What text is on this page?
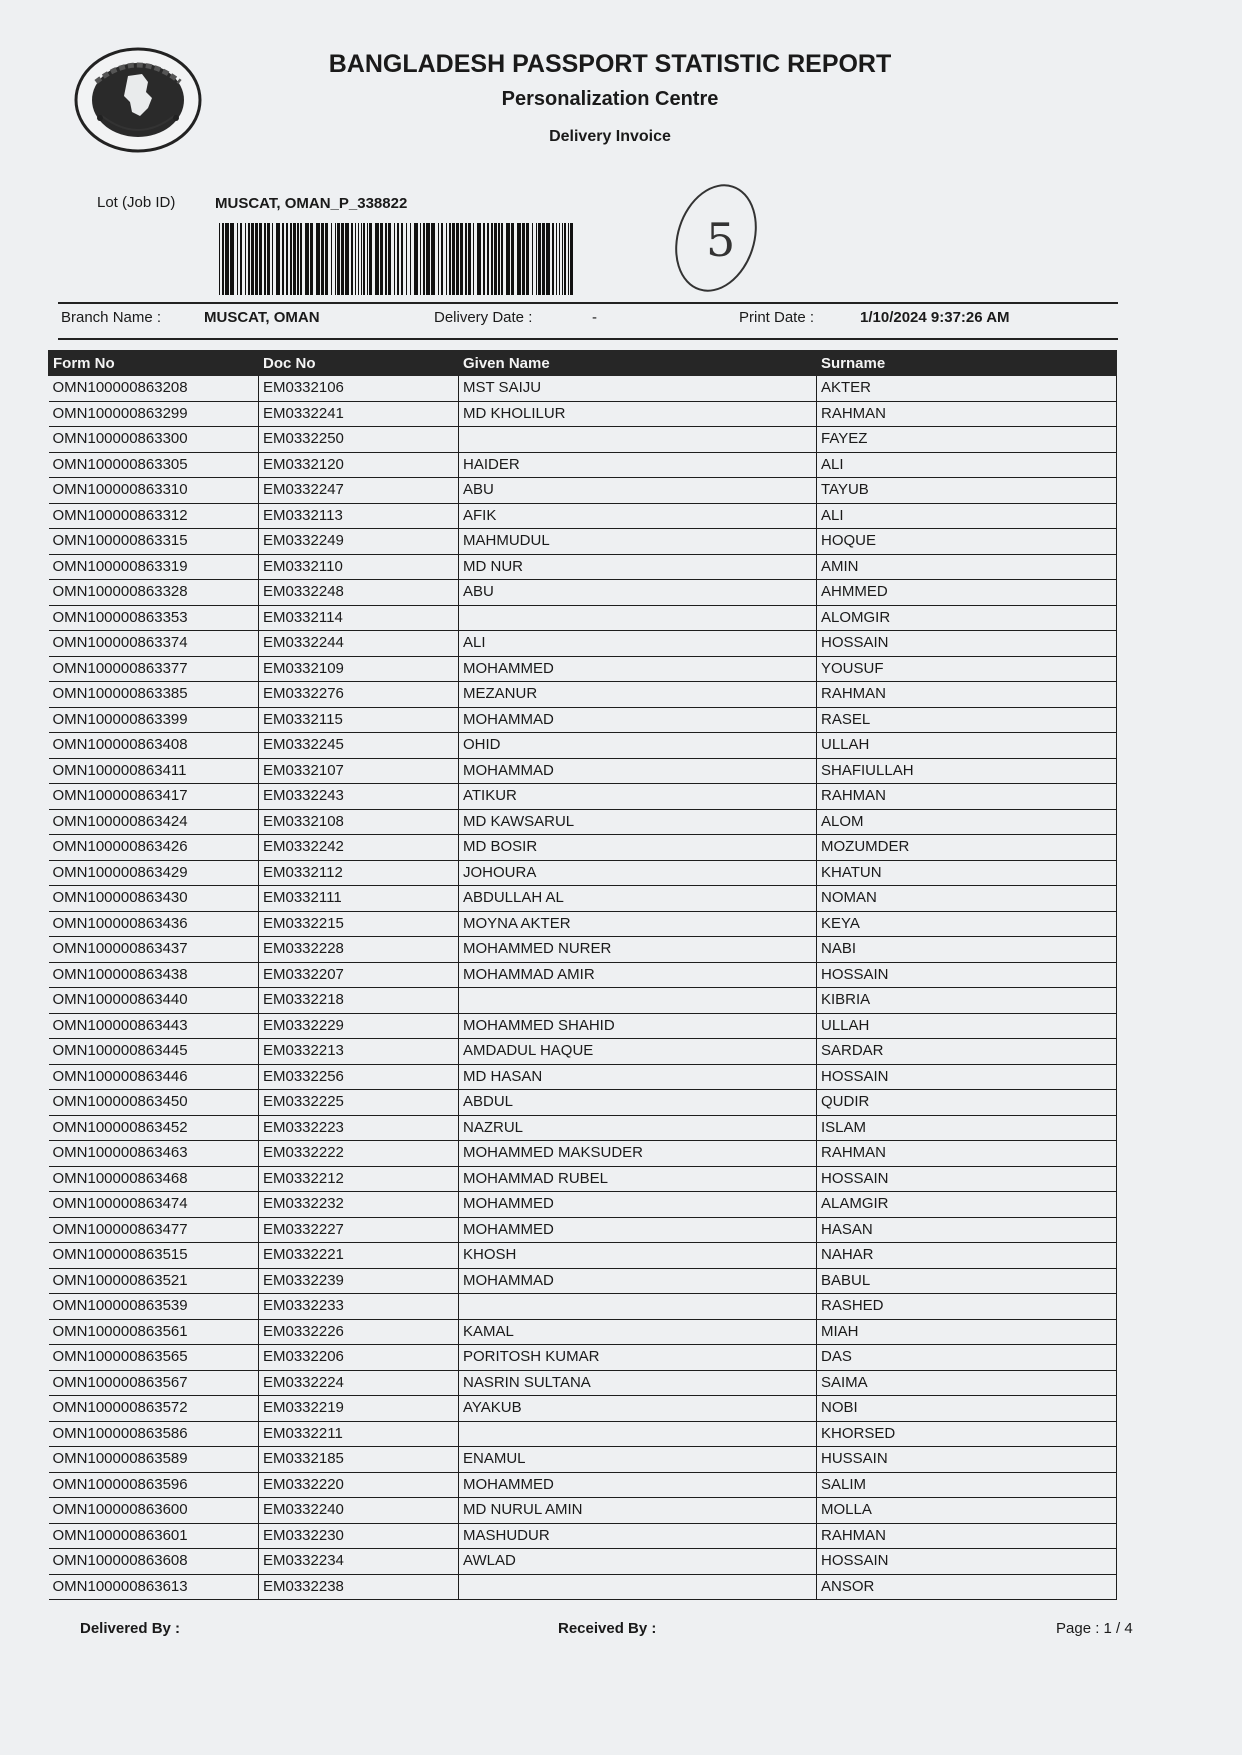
BANGLADESH PASSPORT STATISTIC REPORT
Personalization Centre
Delivery Invoice
Lot (Job ID)	MUSCAT, OMAN_P_338822
5
Branch Name :	MUSCAT, OMAN	Delivery Date :	-	Print Date :	1/10/2024 9:37:26 AM
Form No	Doc No	Given Name	Surname
OMN100000863208	EM0332106	MST SAIJU	AKTER
OMN100000863299	EM0332241	MD KHOLILUR	RAHMAN
OMN100000863300	EM0332250		FAYEZ
OMN100000863305	EM0332120	HAIDER	ALI
OMN100000863310	EM0332247	ABU	TAYUB
OMN100000863312	EM0332113	AFIK	ALI
OMN100000863315	EM0332249	MAHMUDUL	HOQUE
OMN100000863319	EM0332110	MD NUR	AMIN
OMN100000863328	EM0332248	ABU	AHMMED
OMN100000863353	EM0332114		ALOMGIR
OMN100000863374	EM0332244	ALI	HOSSAIN
OMN100000863377	EM0332109	MOHAMMED	YOUSUF
OMN100000863385	EM0332276	MEZANUR	RAHMAN
OMN100000863399	EM0332115	MOHAMMAD	RASEL
OMN100000863408	EM0332245	OHID	ULLAH
OMN100000863411	EM0332107	MOHAMMAD	SHAFIULLAH
OMN100000863417	EM0332243	ATIKUR	RAHMAN
OMN100000863424	EM0332108	MD KAWSARUL	ALOM
OMN100000863426	EM0332242	MD BOSIR	MOZUMDER
OMN100000863429	EM0332112	JOHOURA	KHATUN
OMN100000863430	EM0332111	ABDULLAH AL	NOMAN
OMN100000863436	EM0332215	MOYNA AKTER	KEYA
OMN100000863437	EM0332228	MOHAMMED NURER	NABI
OMN100000863438	EM0332207	MOHAMMAD AMIR	HOSSAIN
OMN100000863440	EM0332218		KIBRIA
OMN100000863443	EM0332229	MOHAMMED SHAHID	ULLAH
OMN100000863445	EM0332213	AMDADUL HAQUE	SARDAR
OMN100000863446	EM0332256	MD HASAN	HOSSAIN
OMN100000863450	EM0332225	ABDUL	QUDIR
OMN100000863452	EM0332223	NAZRUL	ISLAM
OMN100000863463	EM0332222	MOHAMMED MAKSUDER	RAHMAN
OMN100000863468	EM0332212	MOHAMMAD RUBEL	HOSSAIN
OMN100000863474	EM0332232	MOHAMMED	ALAMGIR
OMN100000863477	EM0332227	MOHAMMED	HASAN
OMN100000863515	EM0332221	KHOSH	NAHAR
OMN100000863521	EM0332239	MOHAMMAD	BABUL
OMN100000863539	EM0332233		RASHED
OMN100000863561	EM0332226	KAMAL	MIAH
OMN100000863565	EM0332206	PORITOSH KUMAR	DAS
OMN100000863567	EM0332224	NASRIN SULTANA	SAIMA
OMN100000863572	EM0332219	AYAKUB	NOBI
OMN100000863586	EM0332211		KHORSED
OMN100000863589	EM0332185	ENAMUL	HUSSAIN
OMN100000863596	EM0332220	MOHAMMED	SALIM
OMN100000863600	EM0332240	MD NURUL AMIN	MOLLA
OMN100000863601	EM0332230	MASHUDUR	RAHMAN
OMN100000863608	EM0332234	AWLAD	HOSSAIN
OMN100000863613	EM0332238		ANSOR
Delivered By :	Received By :	Page : 1 / 4
